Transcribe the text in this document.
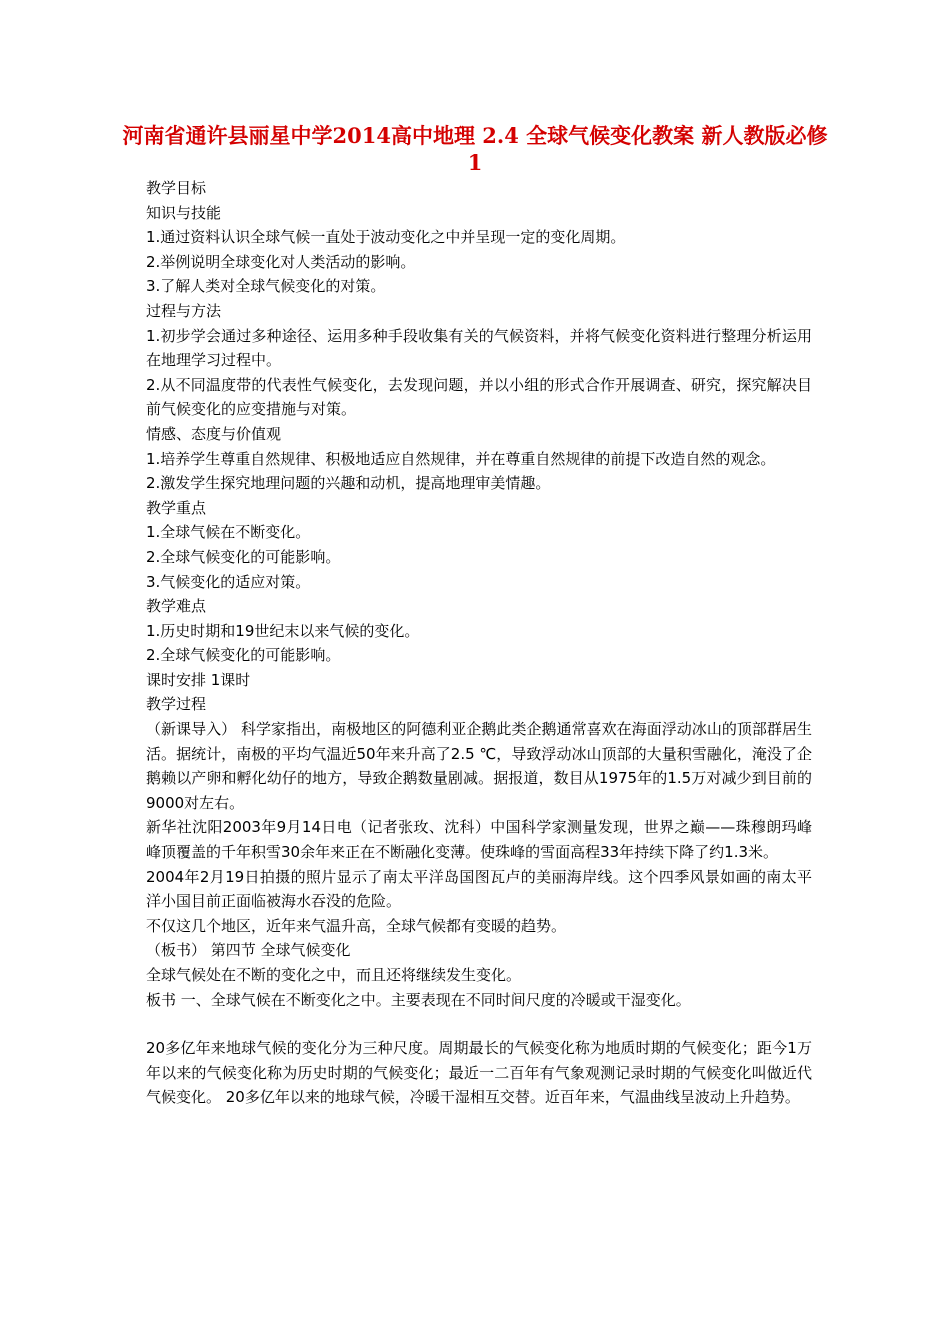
河南省通许县丽星中学2014高中地理 2.4 全球气候变化教案 新人教版必修1

教学目标

知识与技能

1.通过资料认识全球气候一直处于波动变化之中并呈现一定的变化周期。

2.举例说明全球变化对人类活动的影响。

3.了解人类对全球气候变化的对策。

过程与方法

1.初步学会通过多种途径、运用多种手段收集有关的气候资料，并将气候变化资料进行整理分析运用在地理学习过程中。

2.从不同温度带的代表性气候变化，去发现问题，并以小组的形式合作开展调查、研究，探究解决目前气候变化的应变措施与对策。

情感、态度与价值观

1.培养学生尊重自然规律、积极地适应自然规律，并在尊重自然规律的前提下改造自然的观念。

2.激发学生探究地理问题的兴趣和动机，提高地理审美情趣。

教学重点

1.全球气候在不断变化。

2.全球气候变化的可能影响。

3.气候变化的适应对策。

教学难点

1.历史时期和19世纪末以来气候的变化。

2.全球气候变化的可能影响。

课时安排 1课时

教学过程

（新课导入） 科学家指出，南极地区的阿德利亚企鹅此类企鹅通常喜欢在海面浮动冰山的顶部群居生活。据统计，南极的平均气温近50年来升高了2.5 ℃，导致浮动冰山顶部的大量积雪融化，淹没了企鹅赖以产卵和孵化幼仔的地方，导致企鹅数量剧减。据报道，数目从1975年的1.5万对减少到目前的9000对左右。

新华社沈阳2003年9月14日电（记者张玫、沈科）中国科学家测量发现，世界之巅——珠穆朗玛峰峰顶覆盖的千年积雪30余年来正在不断融化变薄。使珠峰的雪面高程33年持续下降了约1.3米。

2004年2月19日拍摄的照片显示了南太平洋岛国图瓦卢的美丽海岸线。这个四季风景如画的南太平洋小国目前正面临被海水吞没的危险。

不仅这几个地区，近年来气温升高，全球气候都有变暖的趋势。

（板书） 第四节 全球气候变化

全球气候处在不断的变化之中，而且还将继续发生变化。

板书 一、全球气候在不断变化之中。主要表现在不同时间尺度的冷暖或干湿变化。

20多亿年来地球气候的变化分为三种尺度。周期最长的气候变化称为地质时期的气候变化；距今1万年以来的气候变化称为历史时期的气候变化；最近一二百年有气象观测记录时期的气候变化叫做近代气候变化。 20多亿年以来的地球气候，冷暖干湿相互交替。近百年来，气温曲线呈波动上升趋势。
